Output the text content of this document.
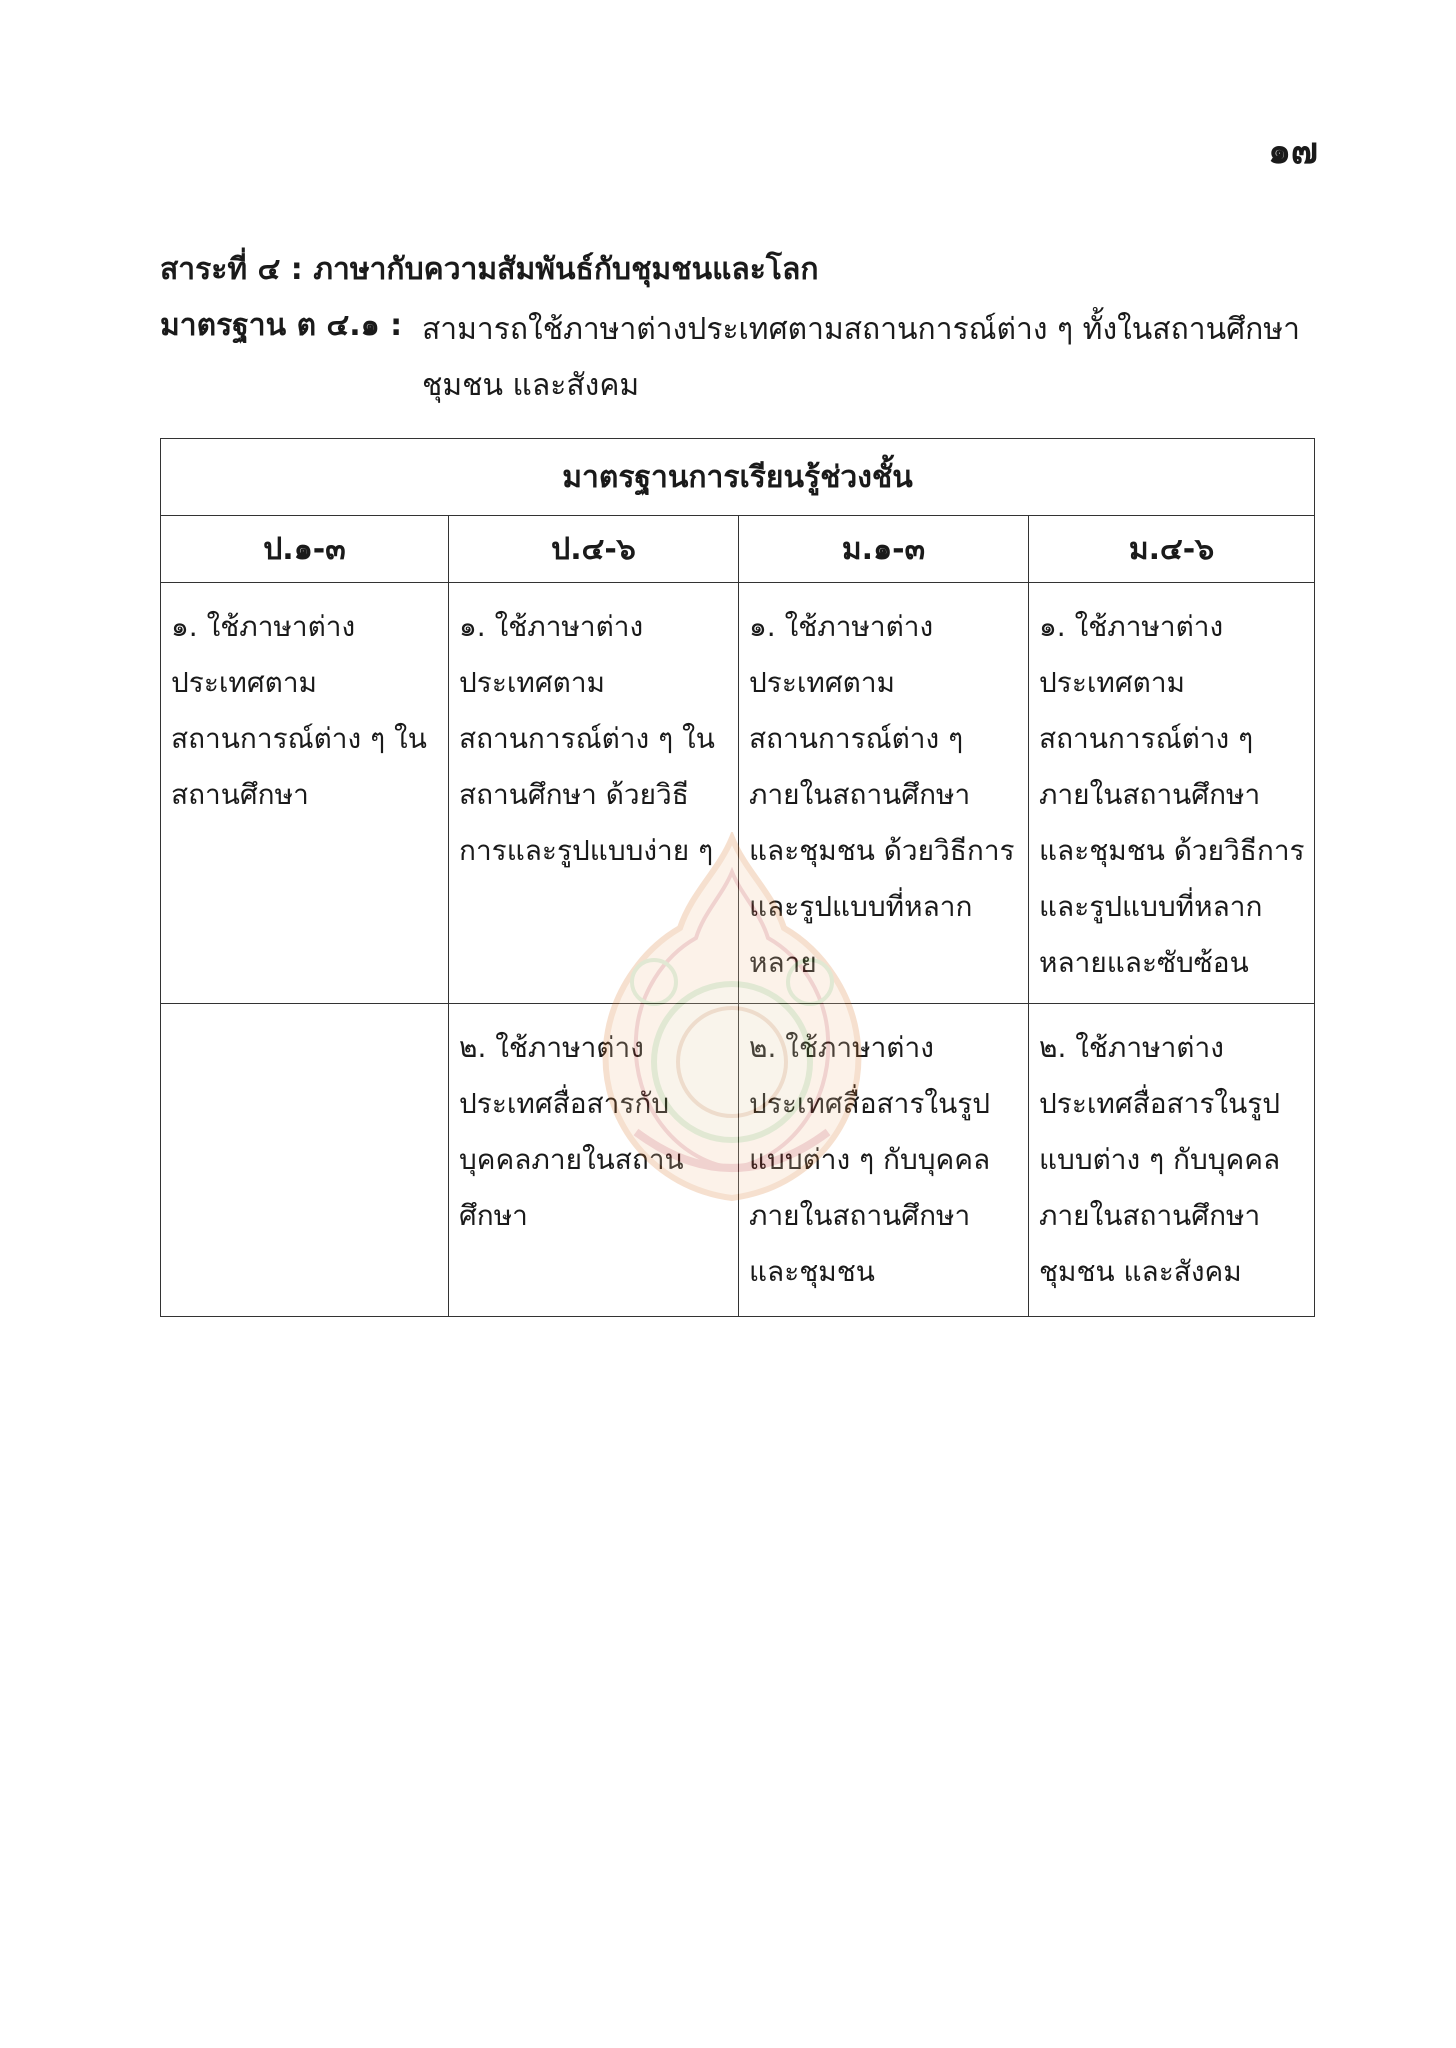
๑๗
สาระที่ ๔ : ภาษากับความสัมพันธ์กับชุมชนและโลก
มาตรฐาน ต ๔.๑ : สามารถใช้ภาษาต่างประเทศตามสถานการณ์ต่าง ๆ ทั้งในสถานศึกษา ชุมชน และสังคม
มาตรฐานการเรียนรู้ช่วงชั้น			
ป.๑-๓	ป.๔-๖	ม.๑-๓	ม.๔-๖
๑. ใช้ภาษาต่างประเทศตามสถานการณ์ต่าง ๆ ในสถานศึกษา	๑. ใช้ภาษาต่างประเทศตามสถานการณ์ต่าง ๆ ในสถานศึกษา ด้วยวิธีการและรูปแบบง่าย ๆ	๑. ใช้ภาษาต่างประเทศตามสถานการณ์ต่าง ๆ ภายในสถานศึกษาและชุมชน ด้วยวิธีการและรูปแบบที่หลากหลาย	๑. ใช้ภาษาต่างประเทศตามสถานการณ์ต่าง ๆ ภายในสถานศึกษา และชุมชน ด้วยวิธีการและรูปแบบที่หลากหลายและซับซ้อน
	๒. ใช้ภาษาต่างประเทศสื่อสารกับบุคคลภายในสถานศึกษา	๒. ใช้ภาษาต่างประเทศสื่อสารในรูปแบบต่าง ๆ กับบุคคลภายในสถานศึกษาและชุมชน	๒. ใช้ภาษาต่างประเทศสื่อสารในรูปแบบต่าง ๆ กับบุคคลภายในสถานศึกษา ชุมชน และสังคม
